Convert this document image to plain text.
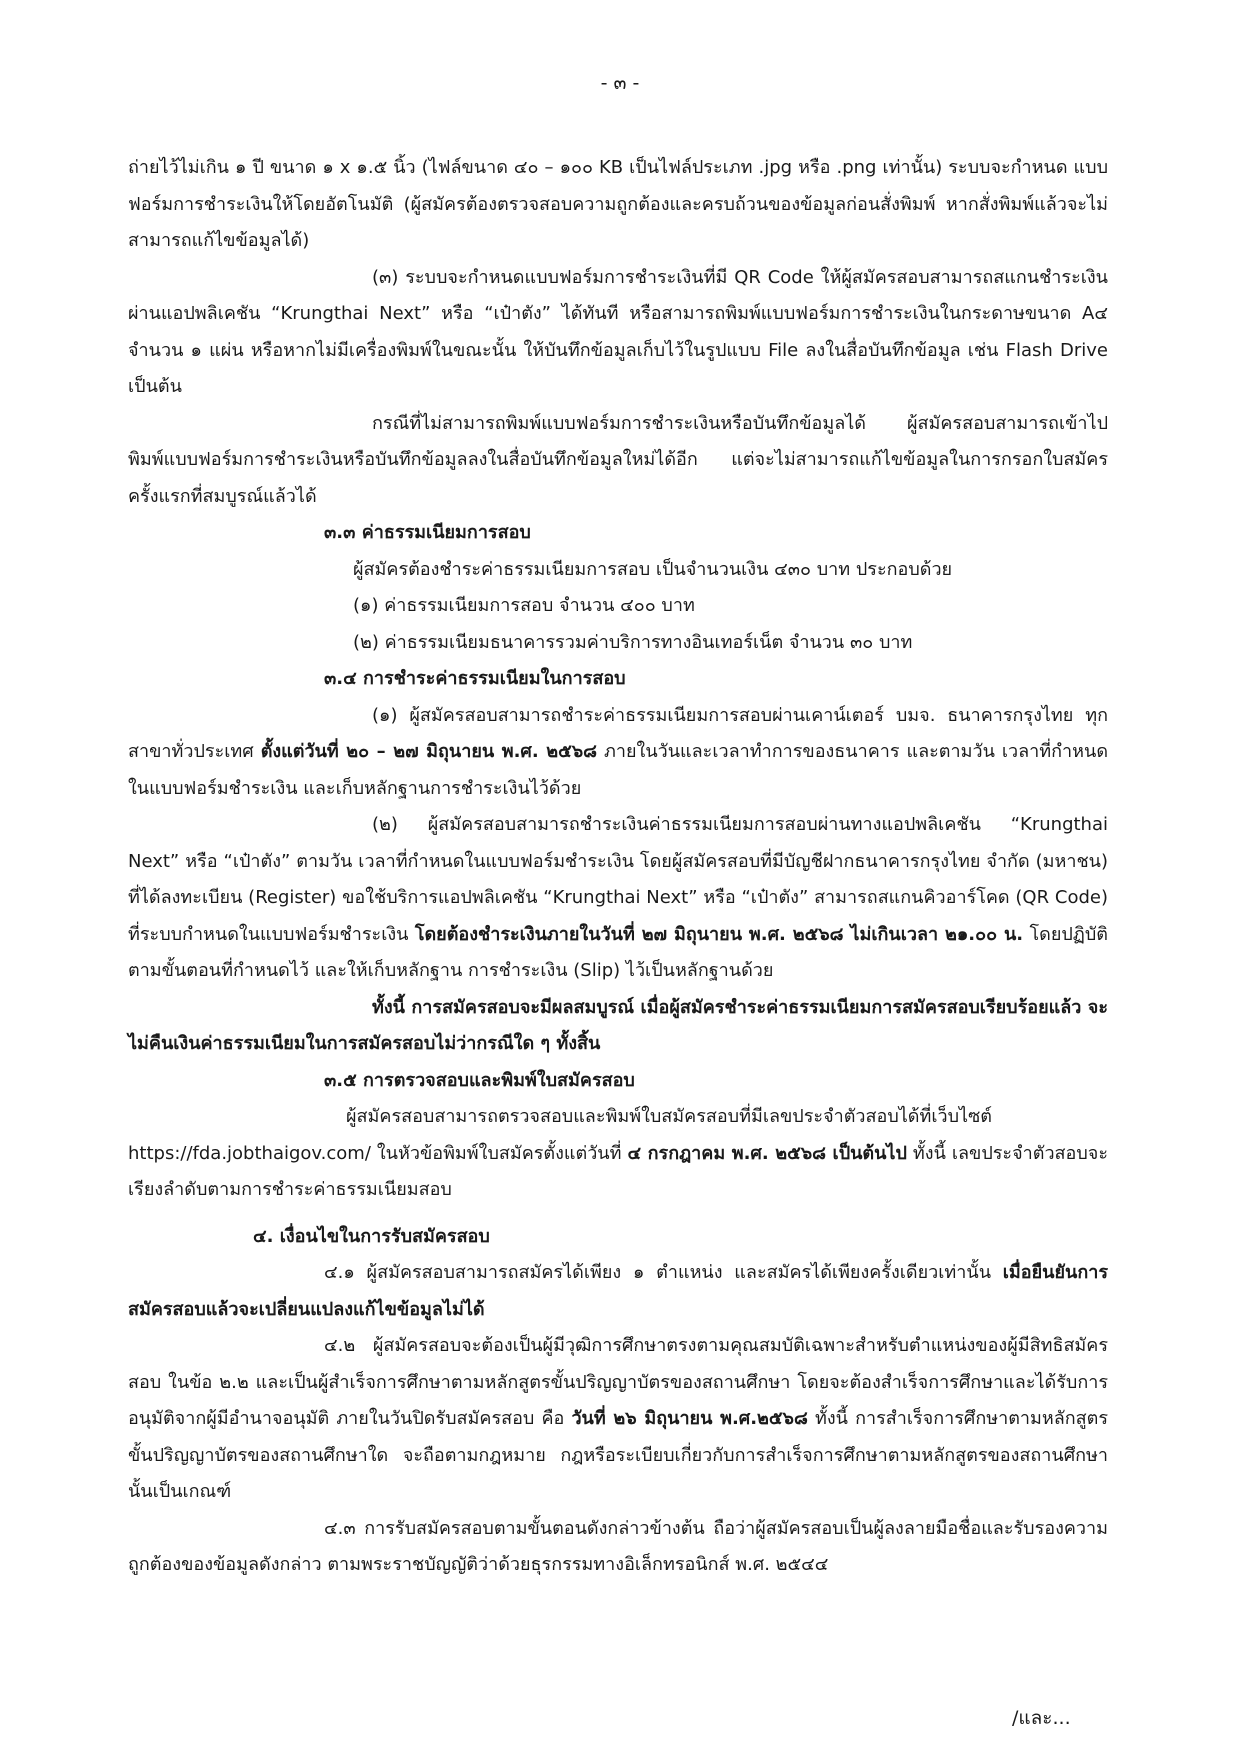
- ๓ -

ถ่ายไว้ไม่เกิน ๑ ปี ขนาด ๑ x ๑.๕ นิ้ว (ไฟล์ขนาด ๔๐ – ๑๐๐ KB เป็นไฟล์ประเภท .jpg หรือ .png เท่านั้น) ระบบจะกำหนด แบบฟอร์มการชำระเงินให้โดยอัตโนมัติ (ผู้สมัครต้องตรวจสอบความถูกต้องและครบถ้วนของข้อมูลก่อนสั่งพิมพ์ หากสั่งพิมพ์แล้วจะไม่สามารถแก้ไขข้อมูลได้)

(๓) ระบบจะกำหนดแบบฟอร์มการชำระเงินที่มี QR Code ให้ผู้สมัครสอบสามารถสแกนชำระเงินผ่านแอปพลิเคชัน “Krungthai Next” หรือ “เป๋าตัง” ได้ทันที หรือสามารถพิมพ์แบบฟอร์มการชำระเงินในกระดาษขนาด A๔ จำนวน ๑ แผ่น หรือหากไม่มีเครื่องพิมพ์ในขณะนั้น ให้บันทึกข้อมูลเก็บไว้ในรูปแบบ File ลงในสื่อบันทึกข้อมูล เช่น Flash Drive เป็นต้น

กรณีที่ไม่สามารถพิมพ์แบบฟอร์มการชำระเงินหรือบันทึกข้อมูลได้ ผู้สมัครสอบสามารถเข้าไปพิมพ์แบบฟอร์มการชำระเงินหรือบันทึกข้อมูลลงในสื่อบันทึกข้อมูลใหม่ได้อีก แต่จะไม่สามารถแก้ไขข้อมูลในการกรอกใบสมัครครั้งแรกที่สมบูรณ์แล้วได้

๓.๓ ค่าธรรมเนียมการสอบ

ผู้สมัครต้องชำระค่าธรรมเนียมการสอบ เป็นจำนวนเงิน ๔๓๐ บาท ประกอบด้วย

(๑) ค่าธรรมเนียมการสอบ จำนวน ๔๐๐ บาท

(๒) ค่าธรรมเนียมธนาคารรวมค่าบริการทางอินเทอร์เน็ต จำนวน ๓๐ บาท

๓.๔ การชำระค่าธรรมเนียมในการสอบ

(๑) ผู้สมัครสอบสามารถชำระค่าธรรมเนียมการสอบผ่านเคาน์เตอร์ บมจ. ธนาคารกรุงไทย ทุกสาขาทั่วประเทศ ตั้งแต่วันที่ ๒๐ – ๒๗ มิถุนายน พ.ศ. ๒๕๖๘ ภายในวันและเวลาทำการของธนาคาร และตามวัน เวลาที่กำหนดในแบบฟอร์มชำระเงิน และเก็บหลักฐานการชำระเงินไว้ด้วย

(๒) ผู้สมัครสอบสามารถชำระเงินค่าธรรมเนียมการสอบผ่านทางแอปพลิเคชัน “Krungthai Next” หรือ “เป๋าตัง” ตามวัน เวลาที่กำหนดในแบบฟอร์มชำระเงิน โดยผู้สมัครสอบที่มีบัญชีฝากธนาคารกรุงไทย จำกัด (มหาชน) ที่ได้ลงทะเบียน (Register) ขอใช้บริการแอปพลิเคชัน “Krungthai Next” หรือ “เป๋าตัง” สามารถสแกนคิวอาร์โคด (QR Code) ที่ระบบกำหนดในแบบฟอร์มชำระเงิน โดยต้องชำระเงินภายในวันที่ ๒๗ มิถุนายน พ.ศ. ๒๕๖๘ ไม่เกินเวลา ๒๑.๐๐ น. โดยปฏิบัติตามขั้นตอนที่กำหนดไว้ และให้เก็บหลักฐาน การชำระเงิน (Slip) ไว้เป็นหลักฐานด้วย

ทั้งนี้ การสมัครสอบจะมีผลสมบูรณ์ เมื่อผู้สมัครชำระค่าธรรมเนียมการสมัครสอบเรียบร้อยแล้ว จะไม่คืนเงินค่าธรรมเนียมในการสมัครสอบไม่ว่ากรณีใด ๆ ทั้งสิ้น

๓.๕ การตรวจสอบและพิมพ์ใบสมัครสอบ

ผู้สมัครสอบสามารถตรวจสอบและพิมพ์ใบสมัครสอบที่มีเลขประจำตัวสอบได้ที่เว็บไซต์ https://fda.jobthaigov.com/ ในหัวข้อพิมพ์ใบสมัครตั้งแต่วันที่ ๔ กรกฎาคม พ.ศ. ๒๕๖๘ เป็นต้นไป ทั้งนี้ เลขประจำตัวสอบจะเรียงลำดับตามการชำระค่าธรรมเนียมสอบ

๔. เงื่อนไขในการรับสมัครสอบ

๔.๑ ผู้สมัครสอบสามารถสมัครได้เพียง ๑ ตำแหน่ง และสมัครได้เพียงครั้งเดียวเท่านั้น เมื่อยืนยันการสมัครสอบแล้วจะเปลี่ยนแปลงแก้ไขข้อมูลไม่ได้

๔.๒ ผู้สมัครสอบจะต้องเป็นผู้มีวุฒิการศึกษาตรงตามคุณสมบัติเฉพาะสำหรับตำแหน่งของผู้มีสิทธิสมัครสอบ ในข้อ ๒.๒ และเป็นผู้สำเร็จการศึกษาตามหลักสูตรขั้นปริญญาบัตรของสถานศึกษา โดยจะต้องสำเร็จการศึกษาและได้รับการอนุมัติจากผู้มีอำนาจอนุมัติ ภายในวันปิดรับสมัครสอบ คือ วันที่ ๒๖ มิถุนายน พ.ศ.๒๕๖๘ ทั้งนี้ การสำเร็จการศึกษาตามหลักสูตรขั้นปริญญาบัตรของสถานศึกษาใด จะถือตามกฎหมาย กฎหรือระเบียบเกี่ยวกับการสำเร็จการศึกษาตามหลักสูตรของสถานศึกษานั้นเป็นเกณฑ์

๔.๓ การรับสมัครสอบตามขั้นตอนดังกล่าวข้างต้น ถือว่าผู้สมัครสอบเป็นผู้ลงลายมือชื่อและรับรองความถูกต้องของข้อมูลดังกล่าว ตามพระราชบัญญัติว่าด้วยธุรกรรมทางอิเล็กทรอนิกส์ พ.ศ. ๒๕๔๔

/และ...
